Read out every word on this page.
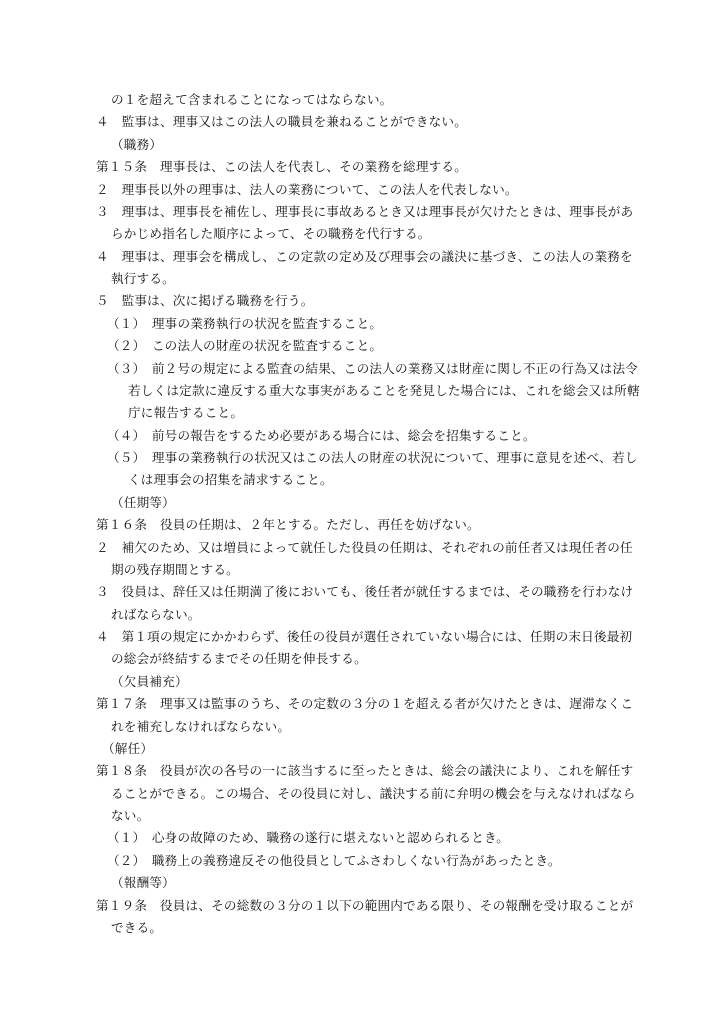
の１を超えて含まれることになってはならない。
４　監事は、理事又はこの法人の職員を兼ねることができない。
（職務）
第１５条　理事長は、この法人を代表し、その業務を総理する。
２　理事長以外の理事は、法人の業務について、この法人を代表しない。
３　理事は、理事長を補佐し、理事長に事故あるとき又は理事長が欠けたときは、理事長があ
らかじめ指名した順序によって、その職務を代行する。
４　理事は、理事会を構成し、この定款の定め及び理事会の議決に基づき、この法人の業務を
執行する。
５　監事は、次に掲げる職務を行う。
（１）　理事の業務執行の状況を監査すること。
（２）　この法人の財産の状況を監査すること。
（３）　前２号の規定による監査の結果、この法人の業務又は財産に関し不正の行為又は法令
若しくは定款に違反する重大な事実があることを発見した場合には、これを総会又は所轄
庁に報告すること。
（４）　前号の報告をするため必要がある場合には、総会を招集すること。
（５）　理事の業務執行の状況又はこの法人の財産の状況について、理事に意見を述べ、若し
くは理事会の招集を請求すること。
（任期等）
第１６条　役員の任期は、２年とする。ただし、再任を妨げない。
２　補欠のため、又は増員によって就任した役員の任期は、それぞれの前任者又は現任者の任
期の残存期間とする。
３　役員は、辞任又は任期満了後においても、後任者が就任するまでは、その職務を行わなけ
ればならない。
４　第１項の規定にかかわらず、後任の役員が選任されていない場合には、任期の末日後最初
の総会が終結するまでその任期を伸長する。
（欠員補充）
第１７条　理事又は監事のうち、その定数の３分の１を超える者が欠けたときは、遅滞なくこ
れを補充しなければならない。
（解任）
第１８条　役員が次の各号の一に該当するに至ったときは、総会の議決により、これを解任す
ることができる。この場合、その役員に対し、議決する前に弁明の機会を与えなければなら
ない。
（１）　心身の故障のため、職務の遂行に堪えないと認められるとき。
（２）　職務上の義務違反その他役員としてふさわしくない行為があったとき。
（報酬等）
第１９条　役員は、その総数の３分の１以下の範囲内である限り、その報酬を受け取ることが
できる。
